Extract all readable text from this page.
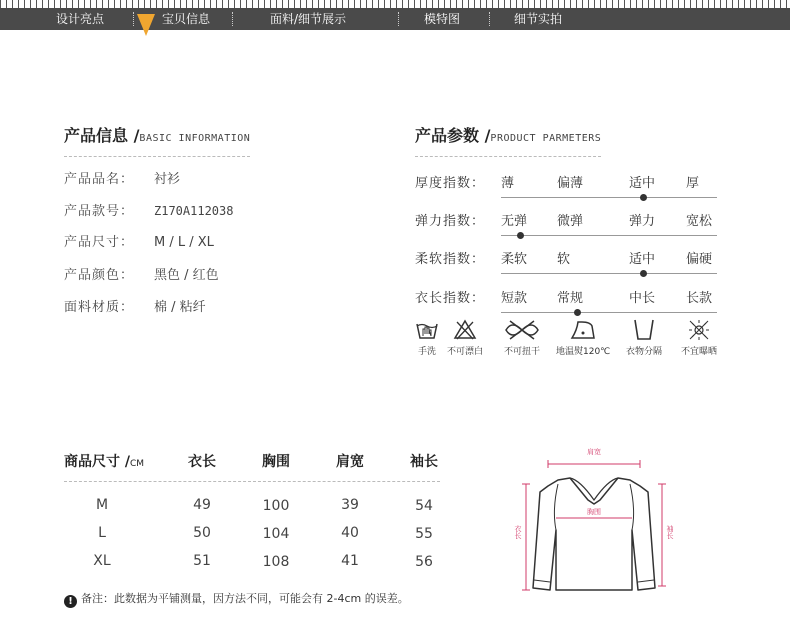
设计亮点	宝贝信息	面料/细节展示	模特图	细节实拍
产品信息 /BASIC INFORMATION
产品品名： 衬衫
产品款号： Z170A112038
产品尺寸： M / L / XL
产品颜色： 黑色 / 红色
面料材质： 棉 / 粘纤
产品参数 /PRODUCT PARMETERS
厚度指数： 薄	偏薄	适中 厚
弹力指数： 无弹 微弹	弹力 宽松
柔软指数： 柔软 软	适中 偏硬
衣长指数： 短款 常规	中长 长款
手洗	不可漂白 不可扭干 地温熨120℃ 衣物分隔 不宜曝晒
商品尺寸 /CM	衣长	胸围	肩宽	袖长
M	49	100	39	54
L	50	104	40	55
XL	51	108	41	56
! 备注：此数据为平铺测量，因方法不同，可能会有 2-4cm 的误差。
肩宽
胸围
衣长	袖长
